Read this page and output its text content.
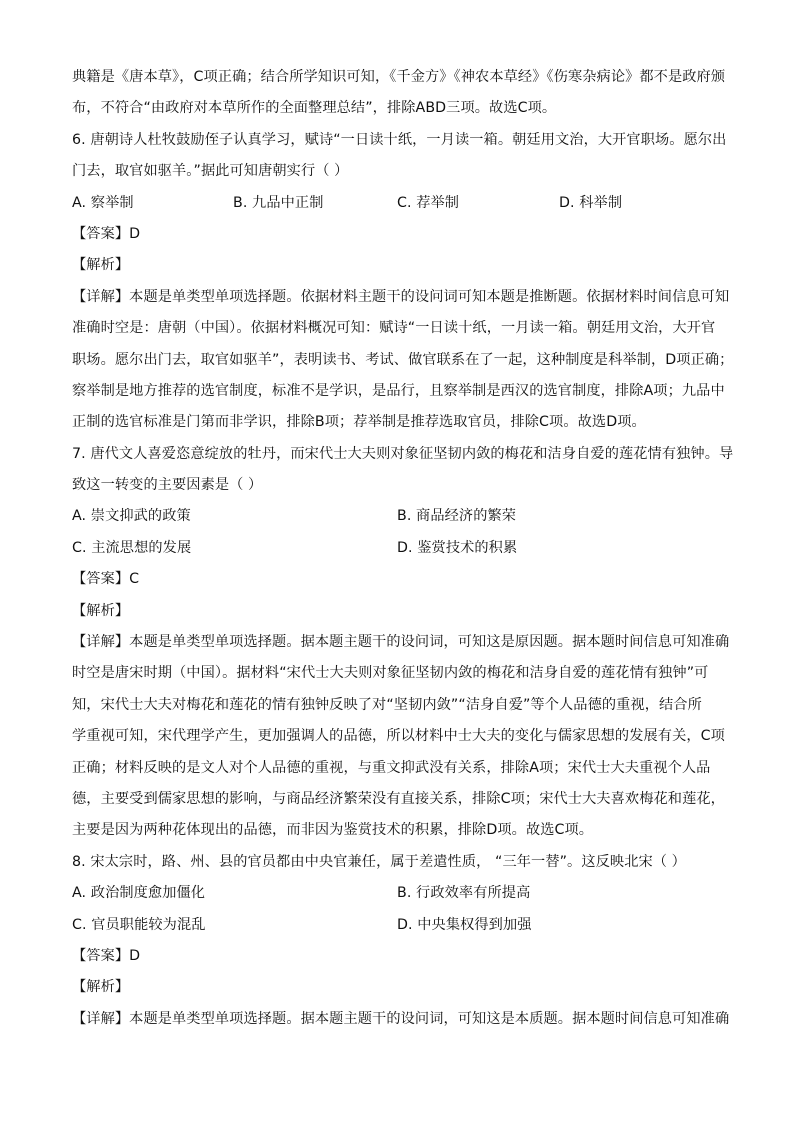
典籍是《唐本草》，C项正确；结合所学知识可知，《千金方》《神农本草经》《伤寒杂病论》都不是政府颁
布，不符合“由政府对本草所作的全面整理总结”，排除ABD三项。故选C项。
6. 唐朝诗人杜牧鼓励侄子认真学习，赋诗“一日读十纸，一月读一箱。朝廷用文治，大开官职场。愿尔出
门去，取官如驱羊。”据此可知唐朝实行（ ）
A. 察举制	B. 九品中正制	C. 荐举制	D. 科举制
【答案】D
【解析】
【详解】本题是单类型单项选择题。依据材料主题干的设问词可知本题是推断题。依据材料时间信息可知
准确时空是：唐朝（中国）。依据材料概况可知：赋诗“一日读十纸，一月读一箱。朝廷用文治，大开官
职场。愿尔出门去，取官如驱羊”，表明读书、考试、做官联系在了一起，这种制度是科举制，D项正确；
察举制是地方推荐的选官制度，标准不是学识，是品行，且察举制是西汉的选官制度，排除A项；九品中
正制的选官标准是门第而非学识，排除B项；荐举制是推荐选取官员，排除C项。故选D项。
7. 唐代文人喜爱恣意绽放的牡丹，而宋代士大夫则对象征坚韧内敛的梅花和洁身自爱的莲花情有独钟。导
致这一转变的主要因素是（ ）
A. 崇文抑武的政策	B. 商品经济的繁荣
C. 主流思想的发展	D. 鉴赏技术的积累
【答案】C
【解析】
【详解】本题是单类型单项选择题。据本题主题干的设问词，可知这是原因题。据本题时间信息可知准确
时空是唐宋时期（中国）。据材料“宋代士大夫则对象征坚韧内敛的梅花和洁身自爱的莲花情有独钟”可
知，宋代士大夫对梅花和莲花的情有独钟反映了对“坚韧内敛”“洁身自爱”等个人品德的重视，结合所
学重视可知，宋代理学产生，更加强调人的品德，所以材料中士大夫的变化与儒家思想的发展有关，C项
正确；材料反映的是文人对个人品德的重视，与重文抑武没有关系，排除A项；宋代士大夫重视个人品
德，主要受到儒家思想的影响，与商品经济繁荣没有直接关系，排除C项；宋代士大夫喜欢梅花和莲花，
主要是因为两种花体现出的品德，而非因为鉴赏技术的积累，排除D项。故选C项。
8. 宋太宗时，路、州、县的官员都由中央官兼任，属于差遣性质， “三年一替”。这反映北宋（ ）
A. 政治制度愈加僵化	B. 行政效率有所提高
C. 官员职能较为混乱	D. 中央集权得到加强
【答案】D
【解析】
【详解】本题是单类型单项选择题。据本题主题干的设问词，可知这是本质题。据本题时间信息可知准确
